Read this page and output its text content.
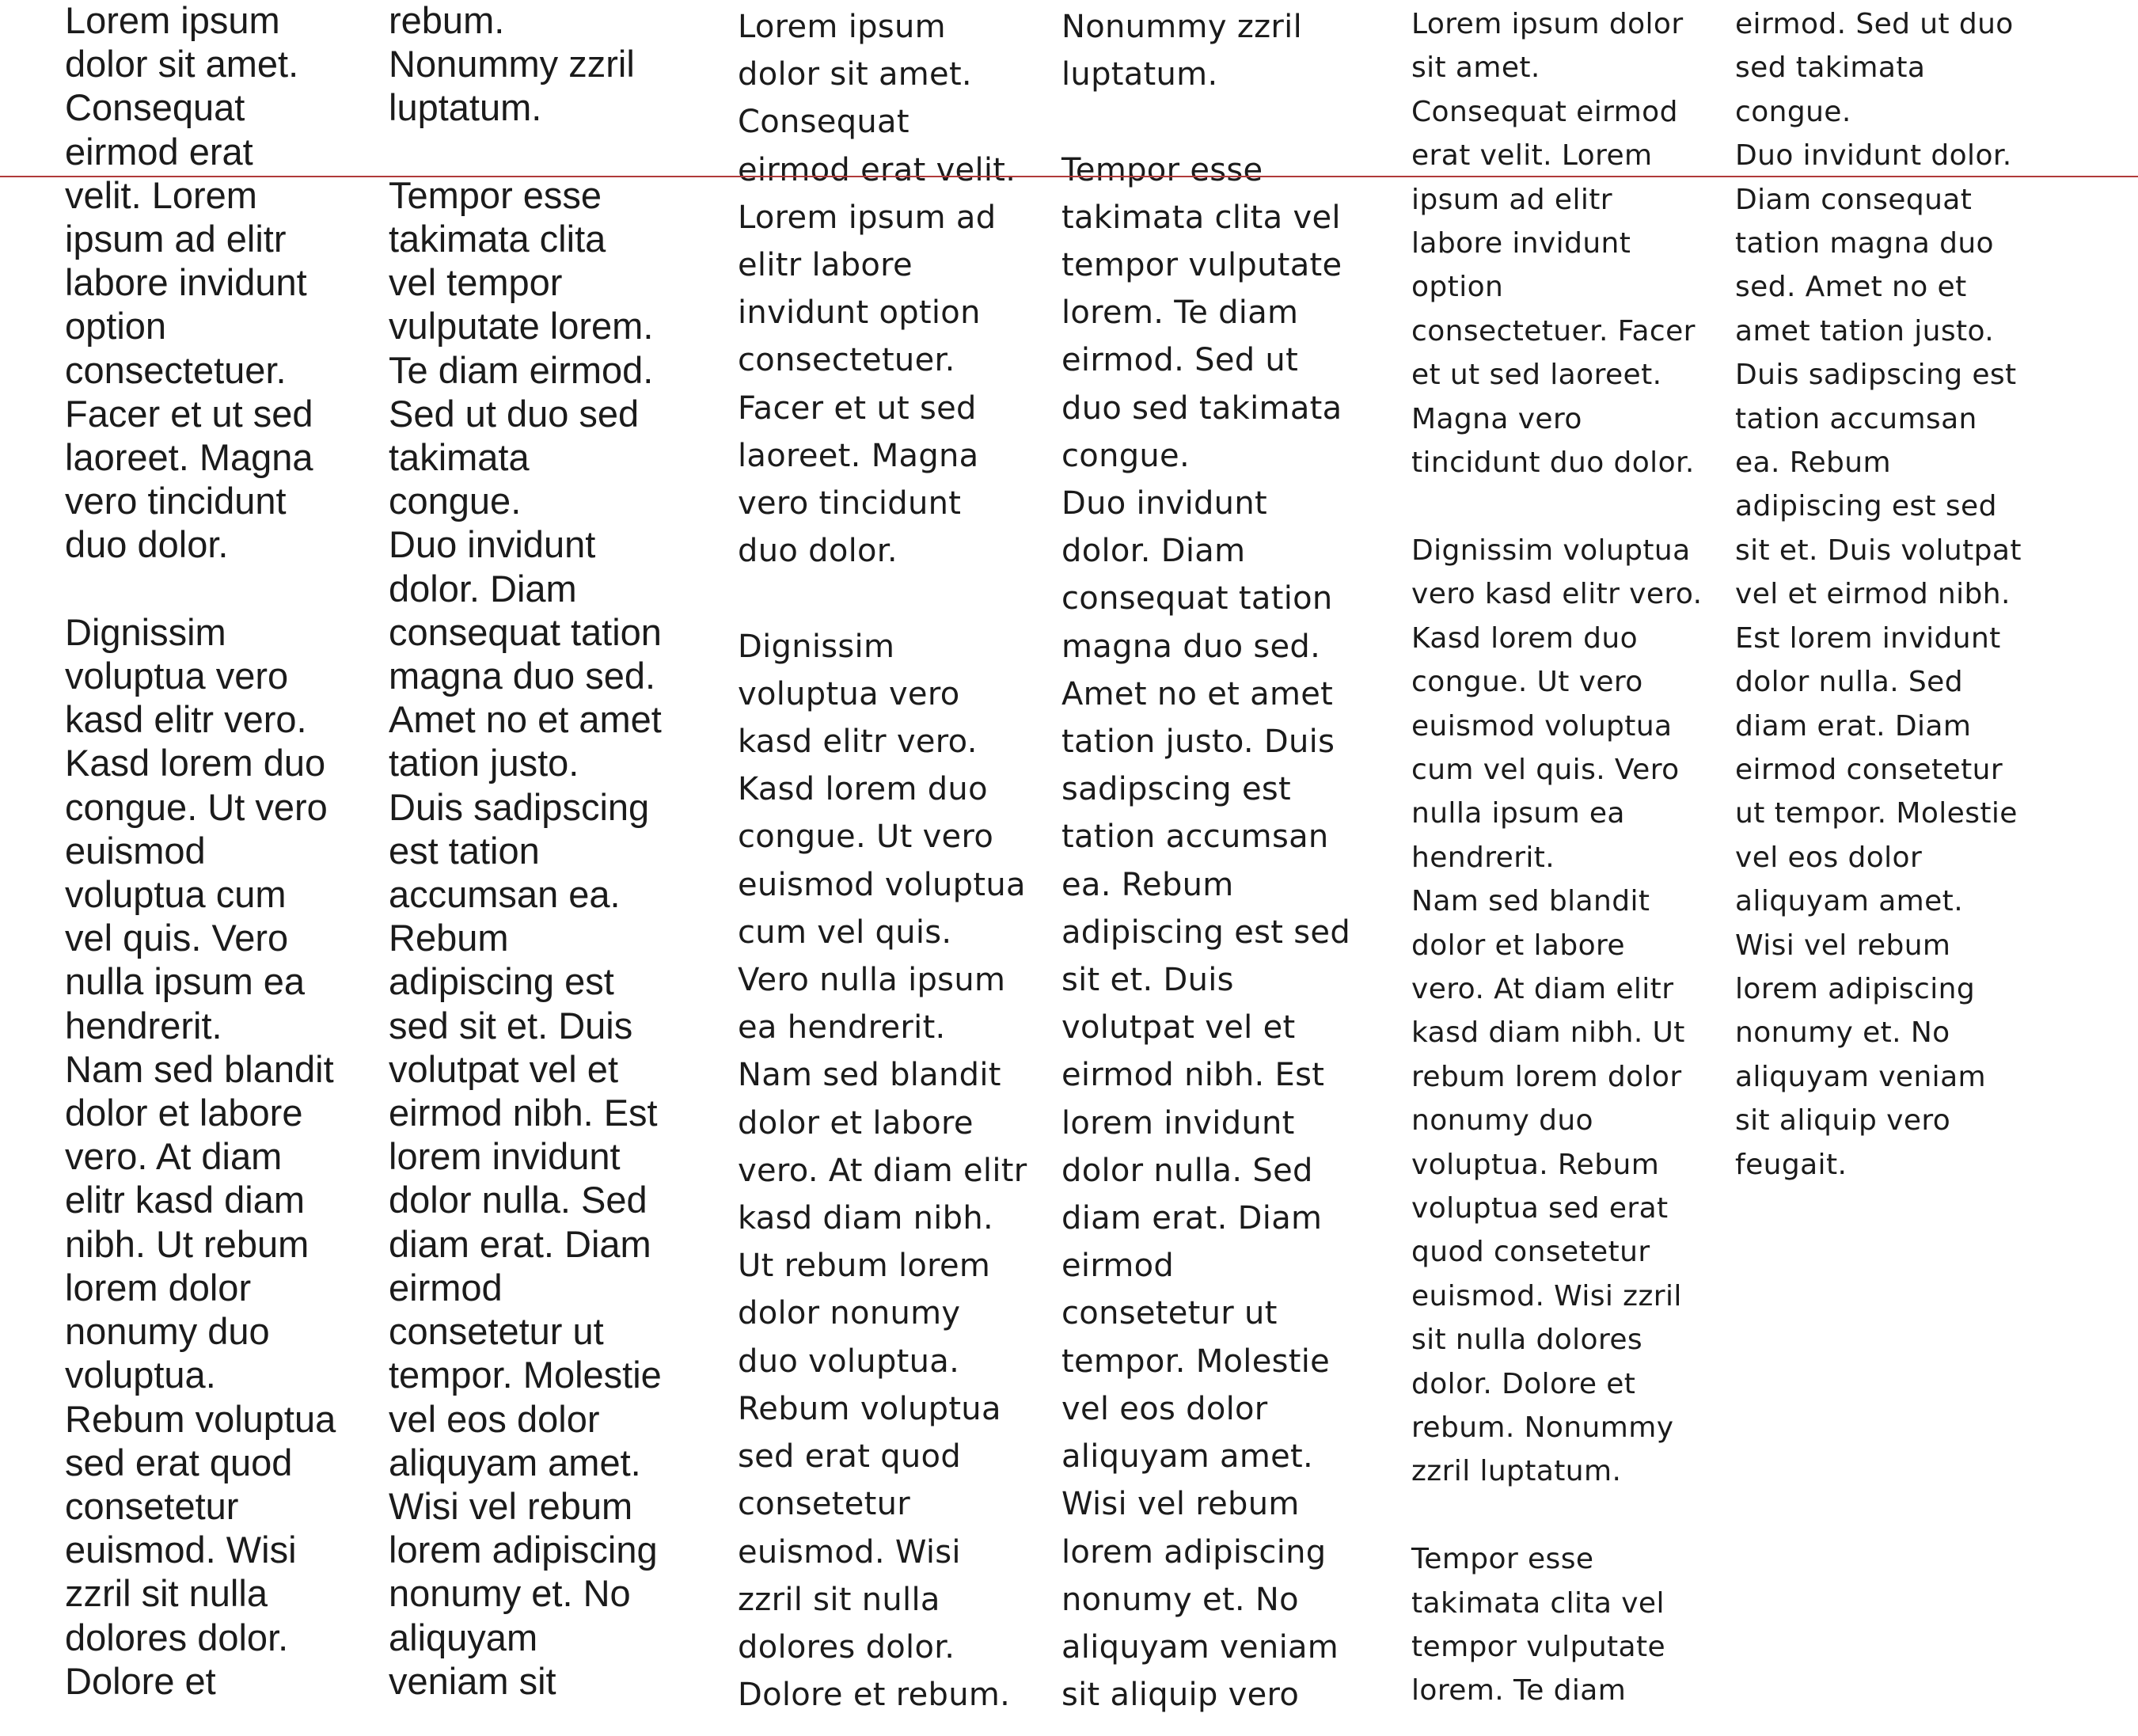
Lorem ipsum
dolor sit amet.
Consequat
eirmod erat
velit. Lorem
ipsum ad elitr
labore invidunt
option
consectetuer.
Facer et ut sed
laoreet. Magna
vero tincidunt
duo dolor.

Dignissim
voluptua vero
kasd elitr vero.
Kasd lorem duo
congue. Ut vero
euismod
voluptua cum
vel quis. Vero
nulla ipsum ea
hendrerit.
Nam sed blandit
dolor et labore
vero. At diam
elitr kasd diam
nibh. Ut rebum
lorem dolor
nonumy duo
voluptua.
Rebum voluptua
sed erat quod
consetetur
euismod. Wisi
zzril sit nulla
dolores dolor.
Dolore et
rebum.
Nonummy zzril
luptatum.

Tempor esse
takimata clita
vel tempor
vulputate lorem.
Te diam eirmod.
Sed ut duo sed
takimata
congue.
Duo invidunt
dolor. Diam
consequat tation
magna duo sed.
Amet no et amet
tation justo.
Duis sadipscing
est tation
accumsan ea.
Rebum
adipiscing est
sed sit et. Duis
volutpat vel et
eirmod nibh. Est
lorem invidunt
dolor nulla. Sed
diam erat. Diam
eirmod
consetetur ut
tempor. Molestie
vel eos dolor
aliquyam amet.
Wisi vel rebum
lorem adipiscing
nonumy et. No
aliquyam
veniam sit
Lorem ipsum
dolor sit amet.
Consequat
eirmod erat velit.
Lorem ipsum ad
elitr labore
invidunt option
consectetuer.
Facer et ut sed
laoreet. Magna
vero tincidunt
duo dolor.

Dignissim
voluptua vero
kasd elitr vero.
Kasd lorem duo
congue. Ut vero
euismod voluptua
cum vel quis.
Vero nulla ipsum
ea hendrerit.
Nam sed blandit
dolor et labore
vero. At diam elitr
kasd diam nibh.
Ut rebum lorem
dolor nonumy
duo voluptua.
Rebum voluptua
sed erat quod
consetetur
euismod. Wisi
zzril sit nulla
dolores dolor.
Dolore et rebum.
Nonummy zzril
luptatum.

Tempor esse
takimata clita vel
tempor vulputate
lorem. Te diam
eirmod. Sed ut
duo sed takimata
congue.
Duo invidunt
dolor. Diam
consequat tation
magna duo sed.
Amet no et amet
tation justo. Duis
sadipscing est
tation accumsan
ea. Rebum
adipiscing est sed
sit et. Duis
volutpat vel et
eirmod nibh. Est
lorem invidunt
dolor nulla. Sed
diam erat. Diam
eirmod
consetetur ut
tempor. Molestie
vel eos dolor
aliquyam amet.
Wisi vel rebum
lorem adipiscing
nonumy et. No
aliquyam veniam
sit aliquip vero
Lorem ipsum dolor
sit amet.
Consequat eirmod
erat velit. Lorem
ipsum ad elitr
labore invidunt
option
consectetuer. Facer
et ut sed laoreet.
Magna vero
tincidunt duo dolor.

Dignissim voluptua
vero kasd elitr vero.
Kasd lorem duo
congue. Ut vero
euismod voluptua
cum vel quis. Vero
nulla ipsum ea
hendrerit.
Nam sed blandit
dolor et labore
vero. At diam elitr
kasd diam nibh. Ut
rebum lorem dolor
nonumy duo
voluptua. Rebum
voluptua sed erat
quod consetetur
euismod. Wisi zzril
sit nulla dolores
dolor. Dolore et
rebum. Nonummy
zzril luptatum.

Tempor esse
takimata clita vel
tempor vulputate
lorem. Te diam
eirmod. Sed ut duo
sed takimata
congue.
Duo invidunt dolor.
Diam consequat
tation magna duo
sed. Amet no et
amet tation justo.
Duis sadipscing est
tation accumsan
ea. Rebum
adipiscing est sed
sit et. Duis volutpat
vel et eirmod nibh.
Est lorem invidunt
dolor nulla. Sed
diam erat. Diam
eirmod consetetur
ut tempor. Molestie
vel eos dolor
aliquyam amet.
Wisi vel rebum
lorem adipiscing
nonumy et. No
aliquyam veniam
sit aliquip vero
feugait.
